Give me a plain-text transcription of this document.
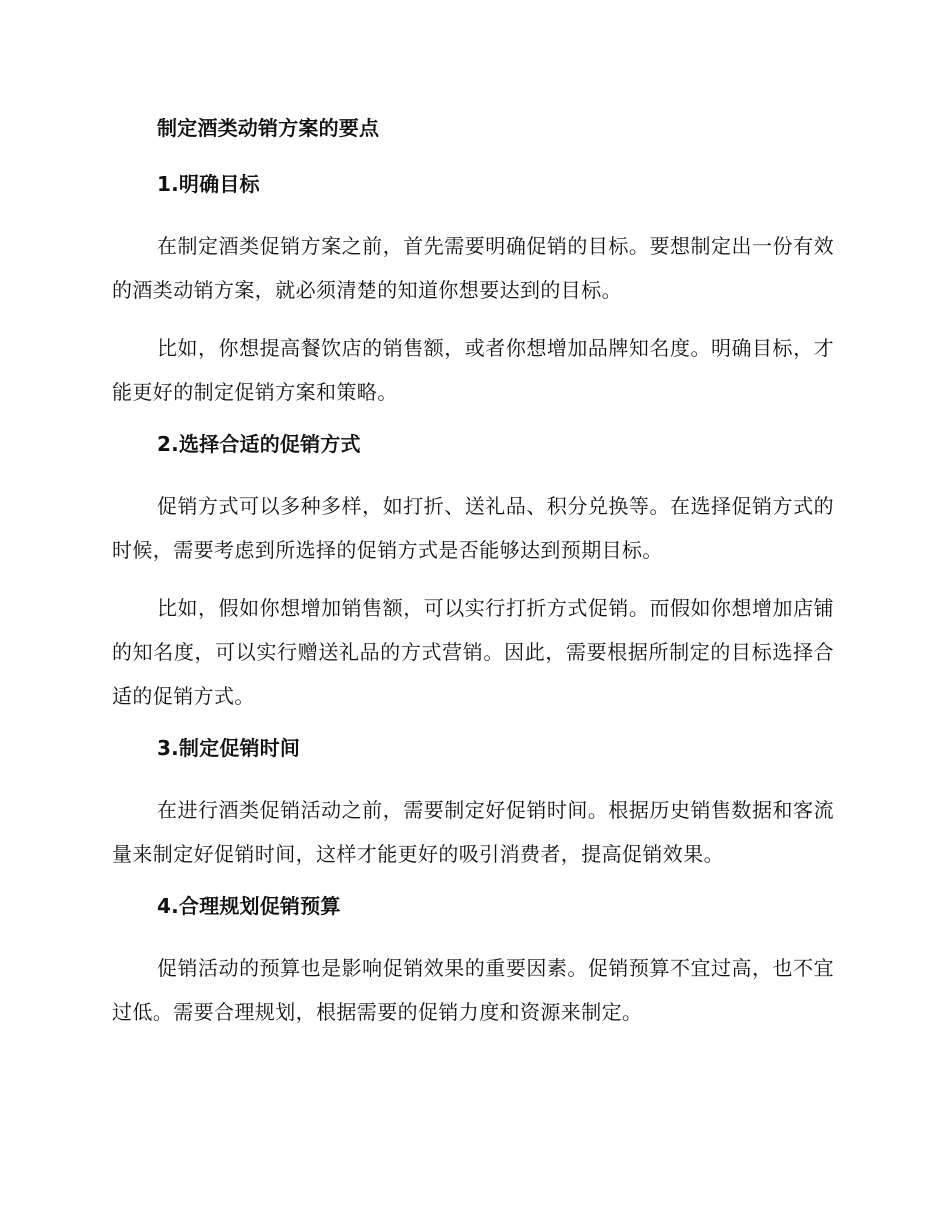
制定酒类动销方案的要点

1.明确目标

在制定酒类促销方案之前，首先需要明确促销的目标。要想制定出一份有效的酒类动销方案，就必须清楚的知道你想要达到的目标。

比如，你想提高餐饮店的销售额，或者你想增加品牌知名度。明确目标，才能更好的制定促销方案和策略。

2.选择合适的促销方式

促销方式可以多种多样，如打折、送礼品、积分兑换等。在选择促销方式的时候，需要考虑到所选择的促销方式是否能够达到预期目标。

比如，假如你想增加销售额，可以实行打折方式促销。而假如你想增加店铺的知名度，可以实行赠送礼品的方式营销。因此，需要根据所制定的目标选择合适的促销方式。

3.制定促销时间

在进行酒类促销活动之前，需要制定好促销时间。根据历史销售数据和客流量来制定好促销时间，这样才能更好的吸引消费者，提高促销效果。

4.合理规划促销预算

促销活动的预算也是影响促销效果的重要因素。促销预算不宜过高，也不宜过低。需要合理规划，根据需要的促销力度和资源来制定。
